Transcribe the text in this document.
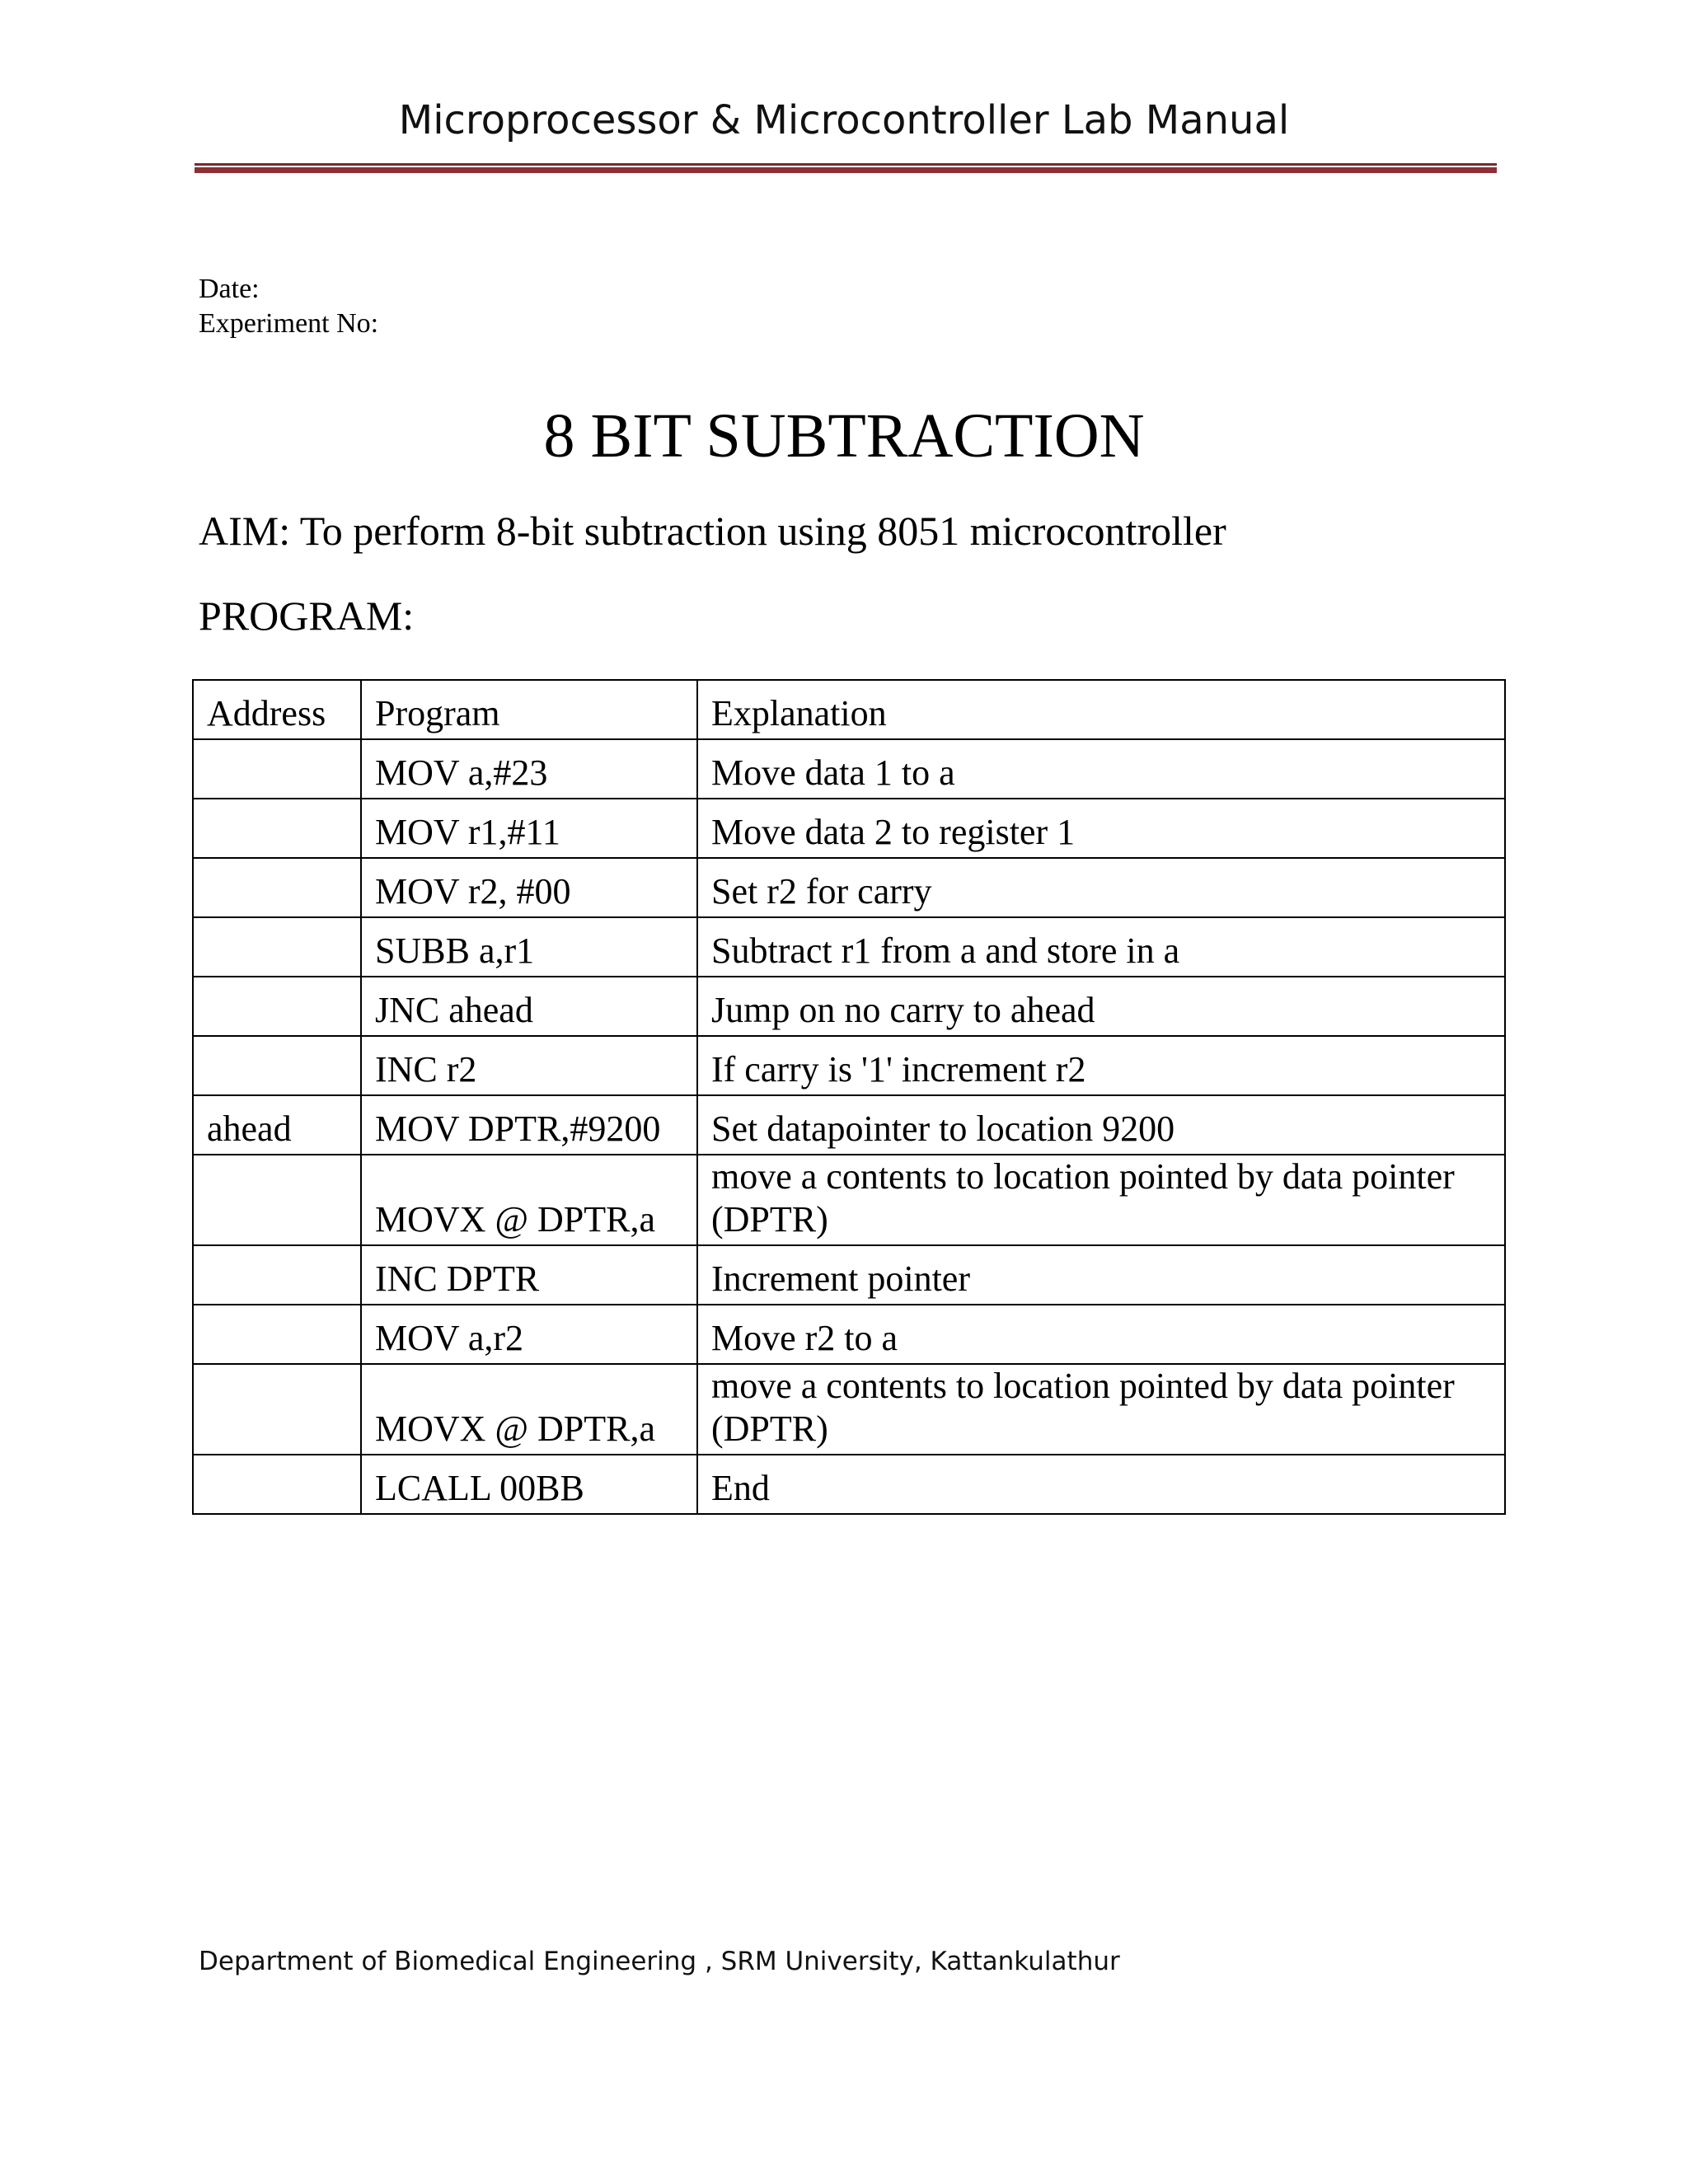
Microprocessor & Microcontroller Lab Manual
Date:
Experiment No:
8 BIT SUBTRACTION
AIM: To perform 8-bit subtraction using 8051 microcontroller
PROGRAM:
Address	Program	Explanation
	MOV a,#23	Move data 1 to a
	MOV r1,#11	Move data 2 to register 1
	MOV r2, #00	Set r2 for carry
	SUBB a,r1	Subtract r1 from a and store in a
	JNC ahead	Jump on no carry to ahead
	INC r2	If carry is '1' increment r2
ahead	MOV DPTR,#9200	Set datapointer to location 9200
	MOVX @ DPTR,a	move a contents to location pointed by data pointer (DPTR)
	INC DPTR	Increment pointer
	MOV a,r2	Move r2 to a
	MOVX @ DPTR,a	move a contents to location pointed by data pointer (DPTR)
	LCALL 00BB	End
Department of Biomedical Engineering , SRM University, Kattankulathur
